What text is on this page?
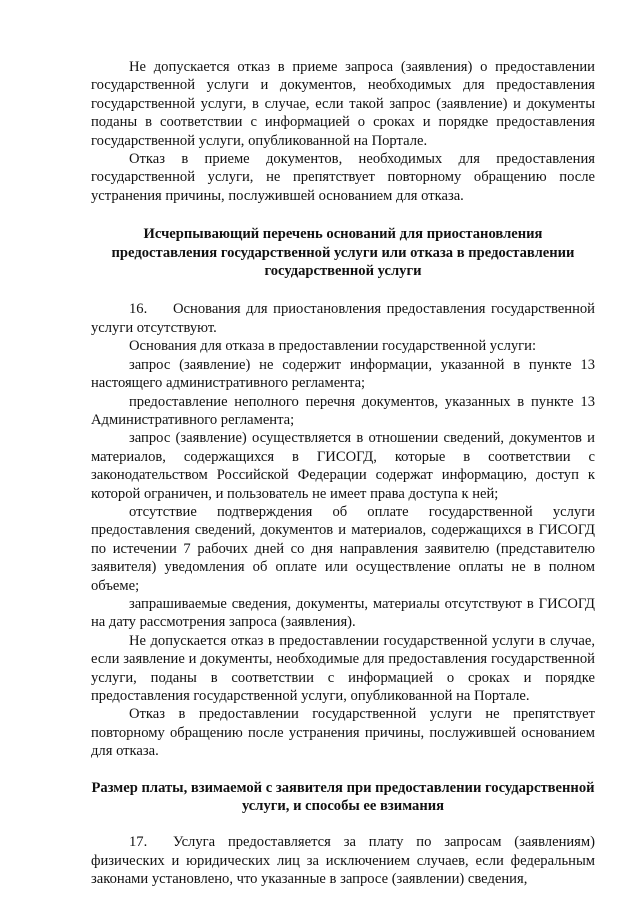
Не допускается отказ в приеме запроса (заявления) о предоставлении государственной услуги и документов, необходимых для предоставления государственной услуги, в случае, если такой запрос (заявление) и документы поданы в соответствии с информацией о сроках и порядке предоставления государственной услуги, опубликованной на Портале.

Отказ в приеме документов, необходимых для предоставления государственной услуги, не препятствует повторному обращению после устранения причины, послужившей основанием для отказа.

Исчерпывающий перечень оснований для приостановления предоставления государственной услуги или отказа в предоставлении государственной услуги

16. Основания для приостановления предоставления государственной услуги отсутствуют.

Основания для отказа в предоставлении государственной услуги:

запрос (заявление) не содержит информации, указанной в пункте 13 настоящего административного регламента;

предоставление неполного перечня документов, указанных в пункте 13 Административного регламента;

запрос (заявление) осуществляется в отношении сведений, документов и материалов, содержащихся в ГИСОГД, которые в соответствии с законодательством Российской Федерации содержат информацию, доступ к которой ограничен, и пользователь не имеет права доступа к ней;

отсутствие подтверждения об оплате государственной услуги предоставления сведений, документов и материалов, содержащихся в ГИСОГД по истечении 7 рабочих дней со дня направления заявителю (представителю заявителя) уведомления об оплате или осуществление оплаты не в полном объеме;

запрашиваемые сведения, документы, материалы отсутствуют в ГИСОГД на дату рассмотрения запроса (заявления).

Не допускается отказ в предоставлении государственной услуги в случае, если заявление и документы, необходимые для предоставления государственной услуги, поданы в соответствии с информацией о сроках и порядке предоставления государственной услуги, опубликованной на Портале.

Отказ в предоставлении государственной услуги не препятствует повторному обращению после устранения причины, послужившей основанием для отказа.

Размер платы, взимаемой с заявителя при предоставлении государственной услуги, и способы ее взимания

17. Услуга предоставляется за плату по запросам (заявлениям) физических и юридических лиц за исключением случаев, если федеральным законами установлено, что указанные в запросе (заявлении) сведения,
